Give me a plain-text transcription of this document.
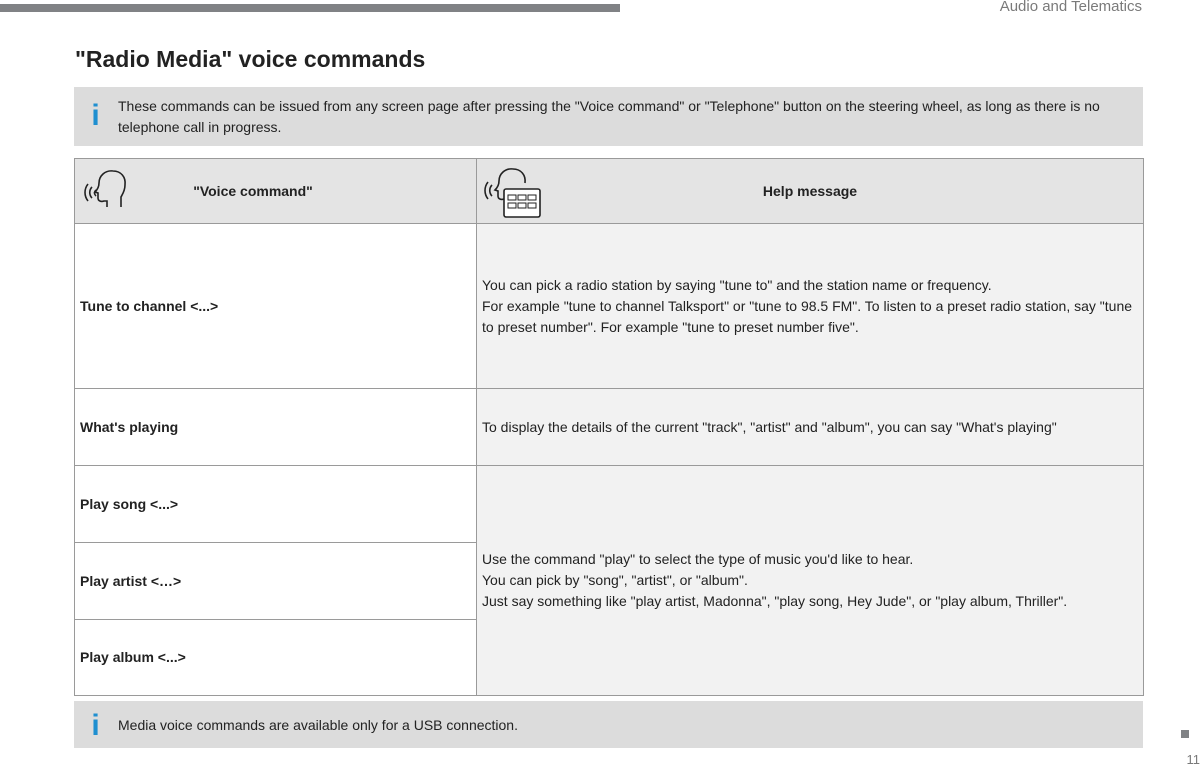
Audio and Telematics
"Radio Media" voice commands
i These commands can be issued from any screen page after pressing the "Voice command" or "Telephone" button on the steering wheel, as long as there is no telephone call in progress.
"Voice command"	Help message

Tune to channel <...>	You can pick a radio station by saying "tune to" and the station name or frequency.
For example "tune to channel Talksport" or "tune to 98.5 FM". To listen to a preset radio station, say "tune to preset number". For example "tune to preset number five".
What's playing	To display the details of the current "track", "artist" and "album", you can say "What's playing"
Play song <...>	Use the command "play" to select the type of music you'd like to hear.
You can pick by "song", "artist", or "album".
Just say something like "play artist, Madonna", "play song, Hey Jude", or "play album, Thriller".
Play artist <…>	
Play album <...>	
i Media voice commands are available only for a USB connection.
11
